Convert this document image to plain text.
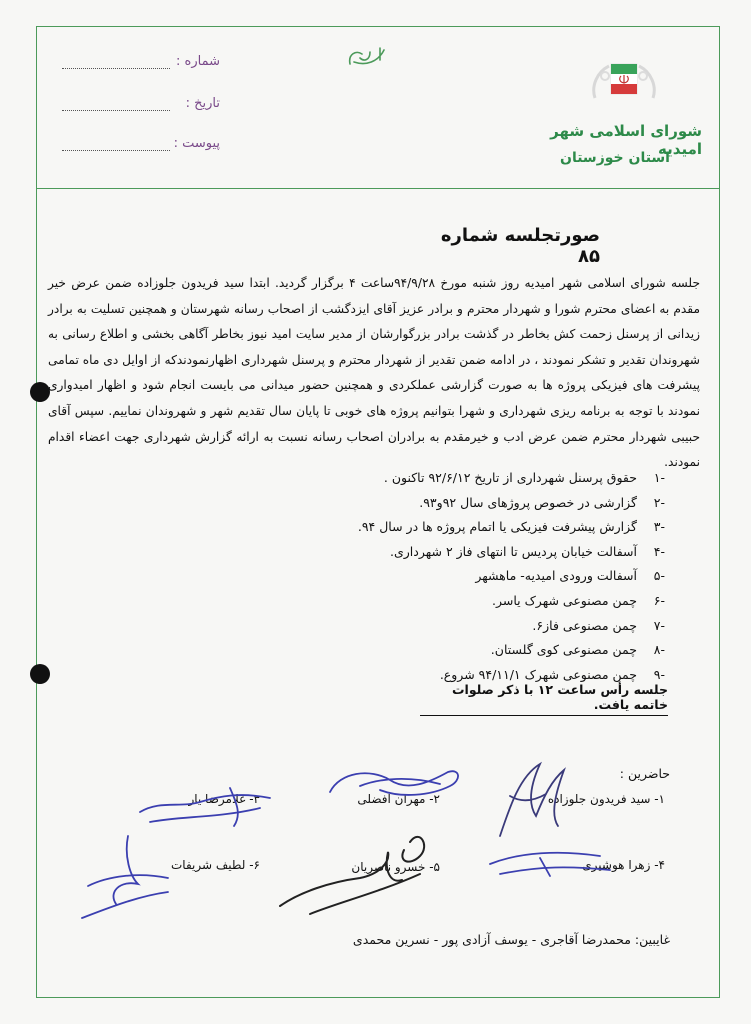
شماره :
تاریخ :
پیوست :
شورای اسلامی شهر امیدیه
استان خوزستان
صورتجلسه شماره ۸۵
جلسه شورای اسلامی شهر امیدیه روز شنبه مورخ ۹۴/۹/۲۸ساعت ۴ برگزار گردید. ابتدا سید فریدون جلوزاده ضمن عرض خیر مقدم به اعضای محترم شورا و شهردار محترم و برادر عزیز آقای ایزدگشب از اصحاب رسانه شهرستان و همچنین تسلیت به برادر زیدانی از پرسنل زحمت کش بخاطر در گذشت برادر بزرگوارشان از مدیر سایت امید نیوز بخاطر آگاهی بخشی و اطلاع رسانی به شهروندان تقدیر و تشکر نمودند ، در ادامه ضمن تقدیر از شهردار محترم و پرسنل شهرداری اظهارنمودندکه از اوایل دی ماه تمامی پیشرفت های فیزیکی پروژه ها به صورت گزارشی عملکردی و همچنین حضور میدانی می بایست انجام شود و اظهار امیدواری نمودند با توجه به برنامه ریزی شهرداری و شهرا بتوانیم پروژه های خوبی تا پایان سال تقدیم شهر و شهروندان نماییم. سپس آقای حبیبی شهردار محترم ضمن عرض ادب و خیرمقدم به برادران اصحاب رسانه نسبت به ارائه گزارش شهرداری جهت اعضاء اقدام نمودند.
-۱حقوق پرسنل شهرداری از تاریخ ۹۲/۶/۱۲ تاکنون .
-۲گزارشی در خصوص پروژهای سال ۹۲و۹۳.
-۳گزارش پیشرفت فیزیکی یا اتمام پروژه ها در سال ۹۴.
-۴آسفالت خیابان پردیس تا انتهای فاز ۲ شهرداری.
-۵آسفالت ورودی امیدیه- ماهشهر
-۶چمن مصنوعی شهرک یاسر.
-۷چمن مصنوعی فاز۶.
-۸چمن مصنوعی کوی گلستان.
-۹چمن مصنوعی شهرک ۹۴/۱۱/۱ شروع.
جلسه رأس ساعت ۱۲ با ذکر صلوات خاتمه یافت.
حاضرین :
۱- سید فریدون جلوزاده
۲- مهران افضلی
۳- غلامرضا یار
۴- زهرا هوشیری
۵- خسرو ناصریان
۶- لطیف شریفات
غایبین: محمدرضا آقاجری - یوسف آزادی پور - نسرین محمدی
